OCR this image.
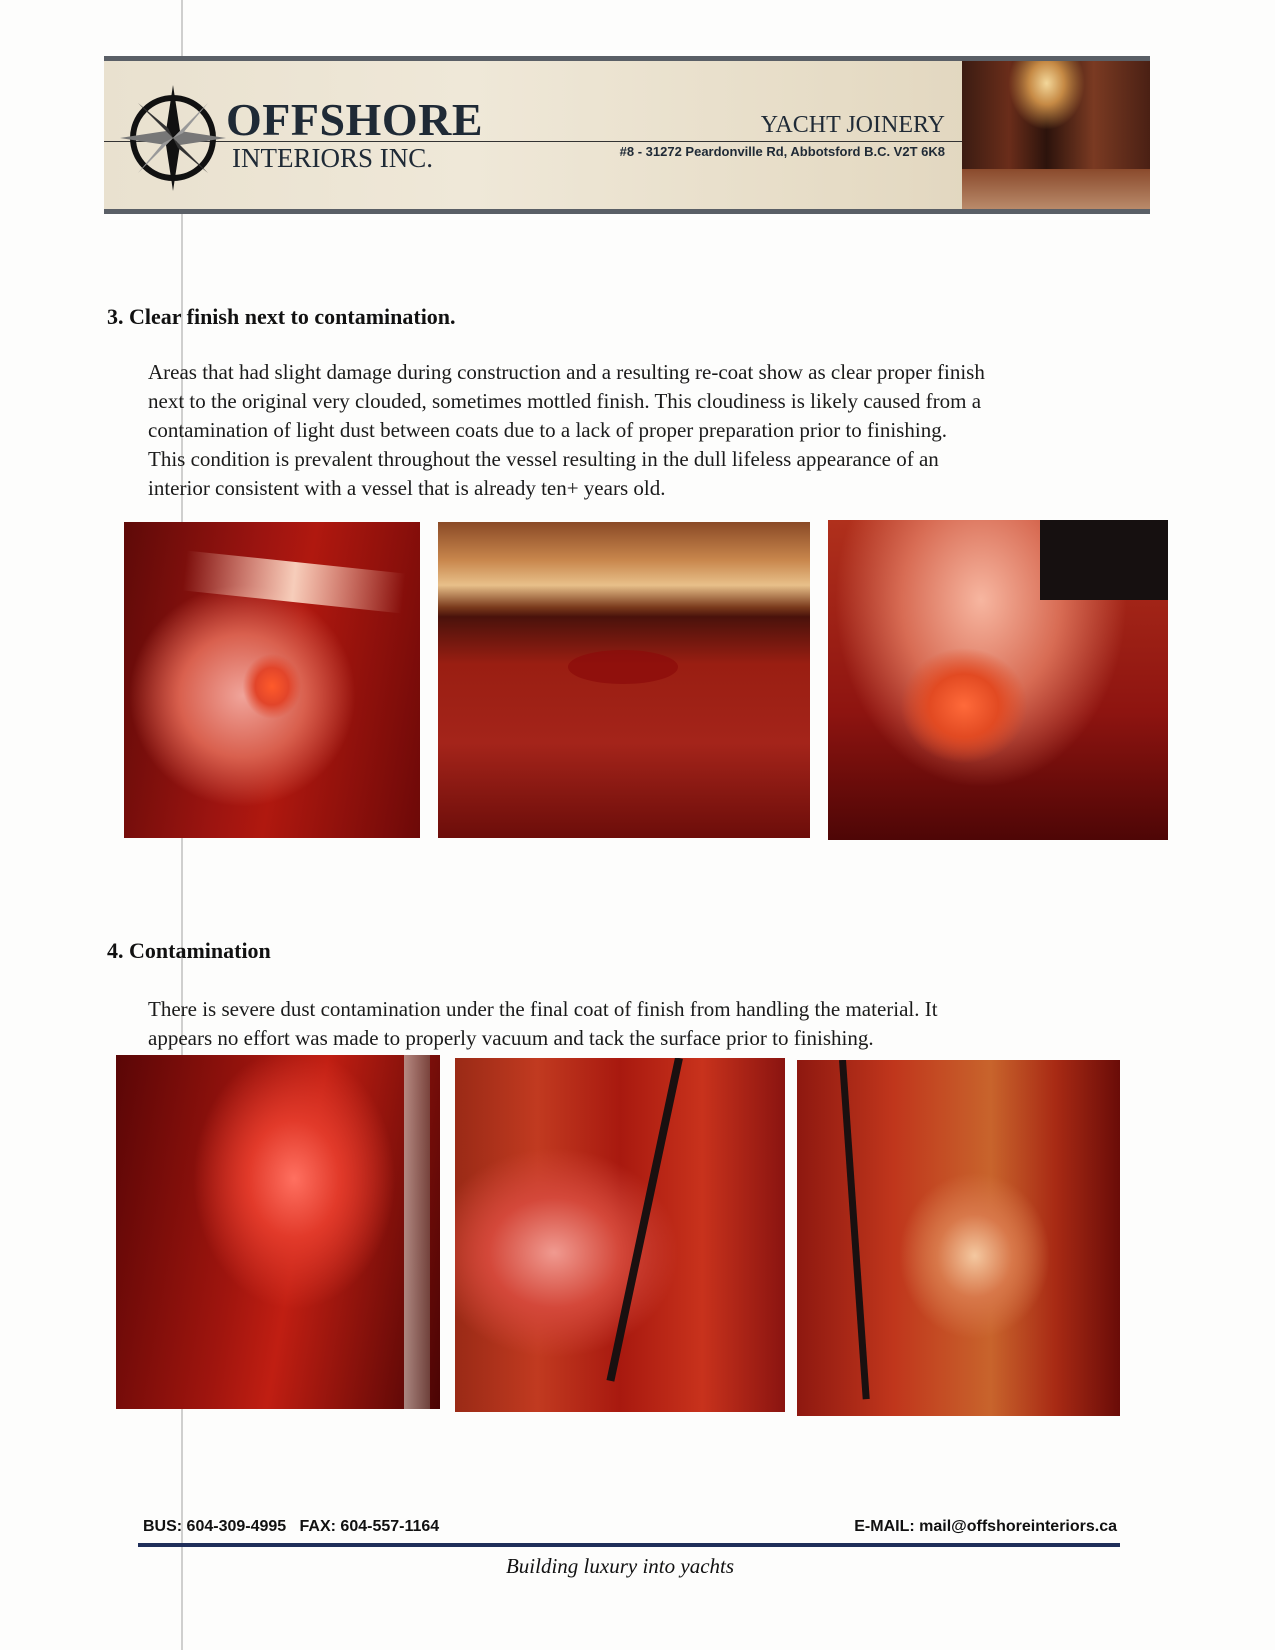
OFFSHORE
INTERIORS INC.
YACHT JOINERY
#8 - 31272 Peardonville Rd, Abbotsford B.C. V2T 6K8
3. Clear finish next to contamination.
Areas that had slight damage during construction and a resulting re-coat show as clear proper finish
next to the original very clouded, sometimes mottled finish. This cloudiness is likely caused from a
contamination of light dust between coats due to a lack of proper preparation prior to finishing.
This condition is prevalent throughout the vessel resulting in the dull lifeless appearance of an
interior consistent with a vessel that is already ten+ years old.
4. Contamination
There is severe dust contamination under the final coat of finish from handling the material. It
appears no effort was made to properly vacuum and tack the surface prior to finishing.
BUS: 604-309-4995   FAX: 604-557-1164	E-MAIL: mail@offshoreinteriors.ca
Building luxury into yachts
